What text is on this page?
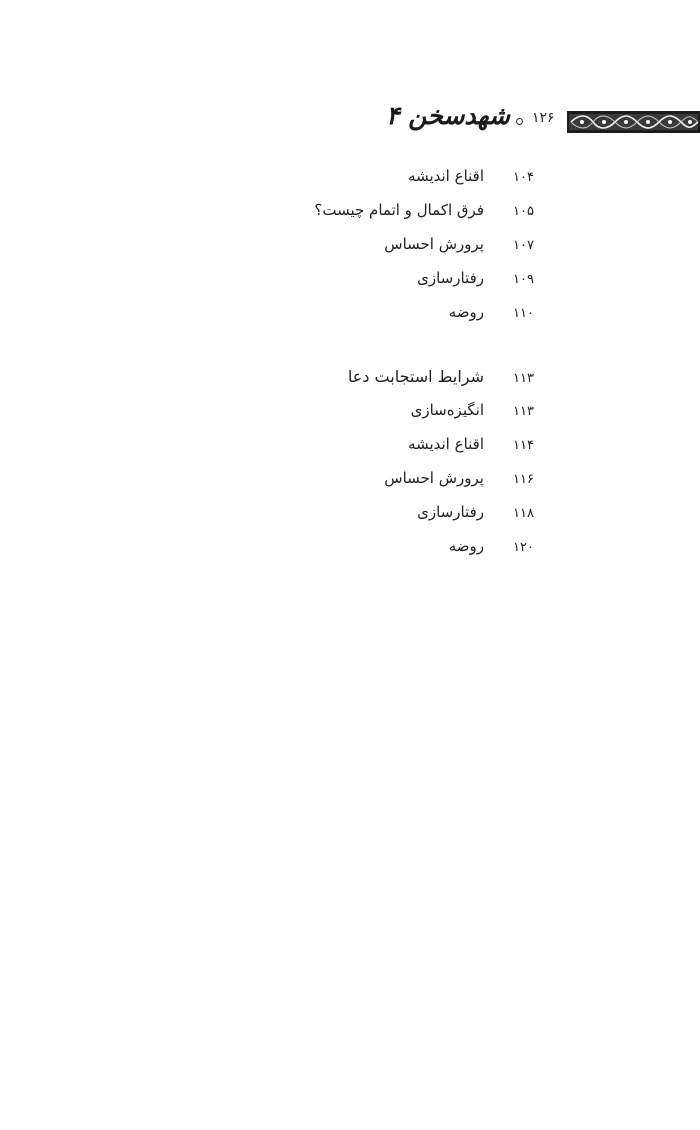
شهدسخن ۴ ۱۲۶
۱۰۴اقناع اندیشه
۱۰۵فرق اکمال و اتمام چیست؟
۱۰۷پرورش احساس
۱۰۹رفتارسازی
۱۱۰روضه
۱۱۳شرایط استجابت دعا
۱۱۳انگیزه‌سازی
۱۱۴اقناع اندیشه
۱۱۶پرورش احساس
۱۱۸رفتارسازی
۱۲۰روضه
